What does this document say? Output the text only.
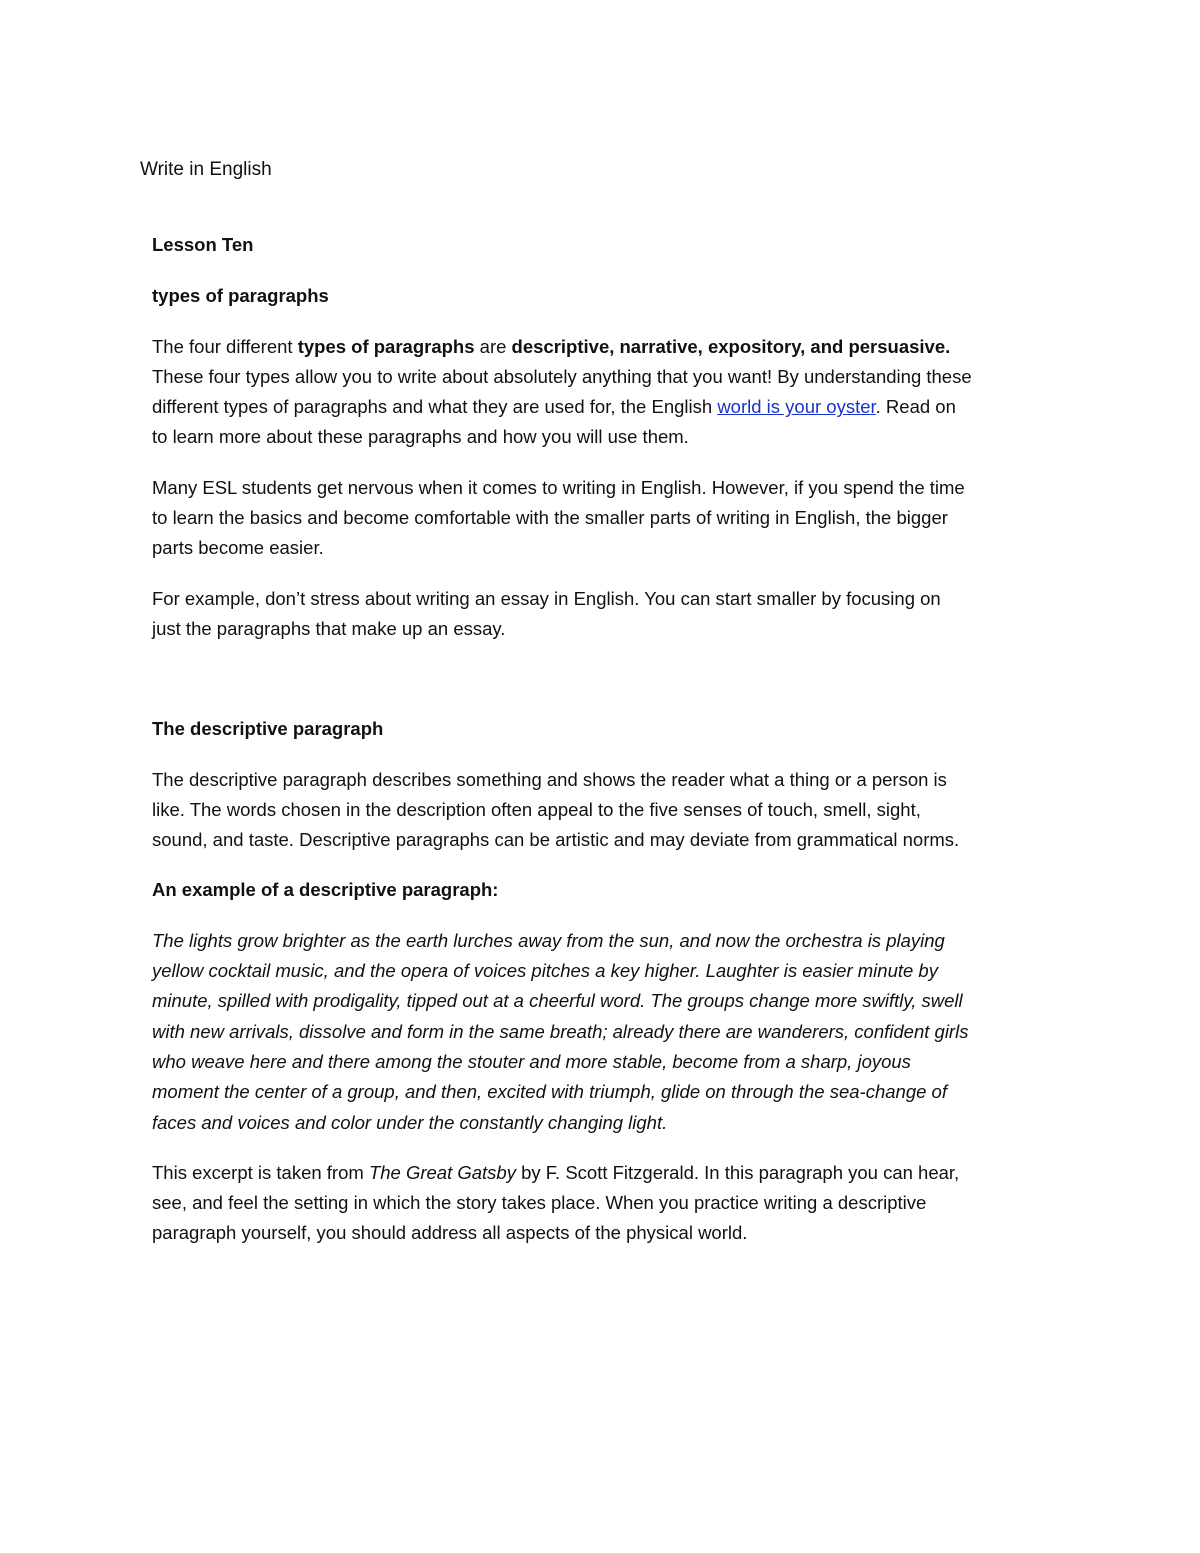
Write in English
Lesson Ten
types of paragraphs

The four different types of paragraphs are descriptive, narrative, expository, and persuasive. These four types allow you to write about absolutely anything that you want! By understanding these different types of paragraphs and what they are used for, the English world is your oyster. Read on to learn more about these paragraphs and how you will use them.

Many ESL students get nervous when it comes to writing in English. However, if you spend the time to learn the basics and become comfortable with the smaller parts of writing in English, the bigger parts become easier.

For example, don’t stress about writing an essay in English. You can start smaller by focusing on just the paragraphs that make up an essay.

The descriptive paragraph

The descriptive paragraph describes something and shows the reader what a thing or a person is like. The words chosen in the description often appeal to the five senses of touch, smell, sight, sound, and taste. Descriptive paragraphs can be artistic and may deviate from grammatical norms.

An example of a descriptive paragraph:

The lights grow brighter as the earth lurches away from the sun, and now the orchestra is playing yellow cocktail music, and the opera of voices pitches a key higher. Laughter is easier minute by minute, spilled with prodigality, tipped out at a cheerful word. The groups change more swiftly, swell with new arrivals, dissolve and form in the same breath; already there are wanderers, confident girls who weave here and there among the stouter and more stable, become from a sharp, joyous moment the center of a group, and then, excited with triumph, glide on through the sea-change of faces and voices and color under the constantly changing light.

This excerpt is taken from The Great Gatsby by F. Scott Fitzgerald. In this paragraph you can hear, see, and feel the setting in which the story takes place. When you practice writing a descriptive paragraph yourself, you should address all aspects of the physical world.
